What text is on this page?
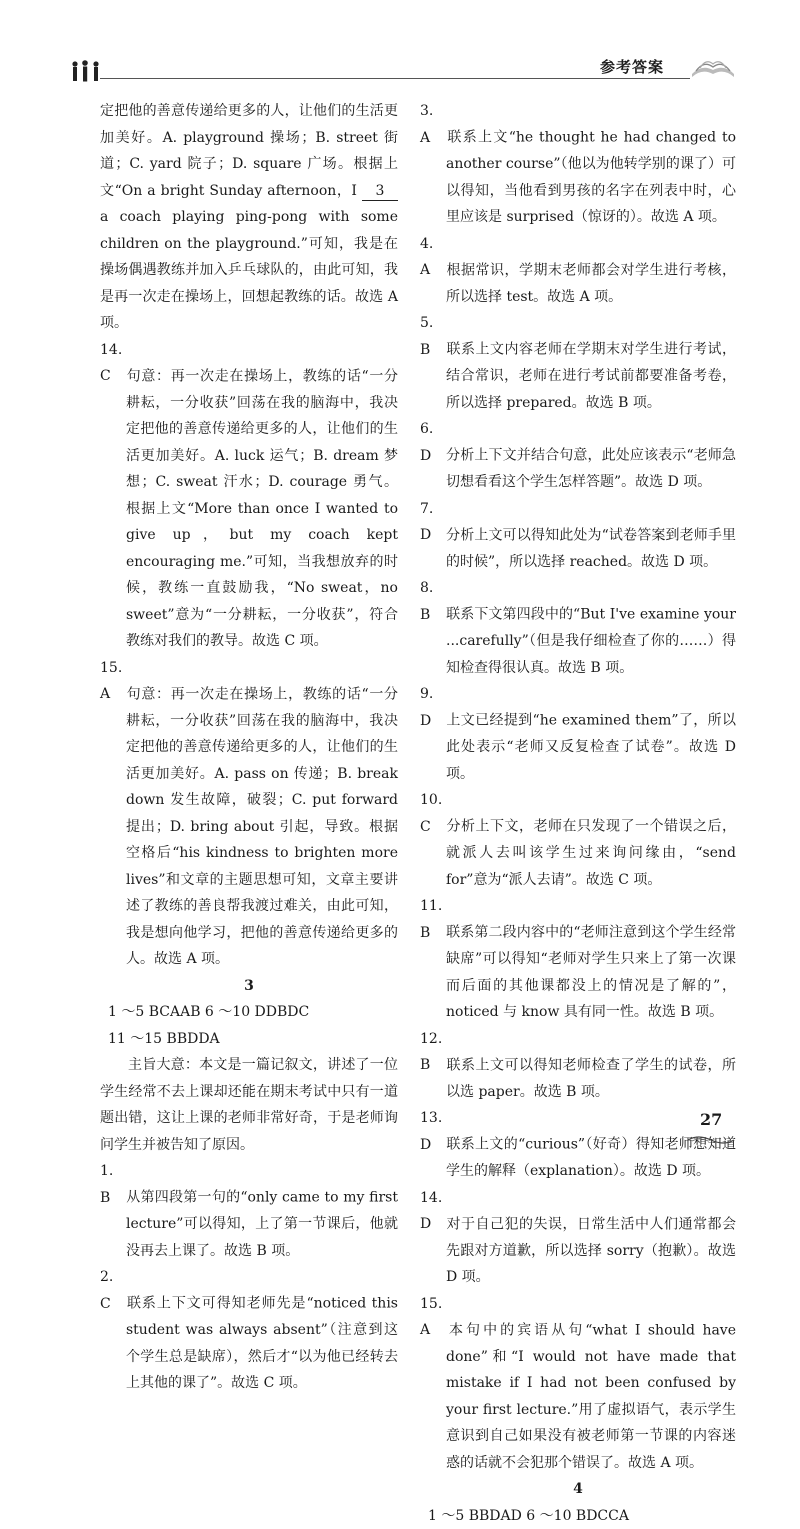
参考答案

定把他的善意传递给更多的人，让他们的生活更加美好。A. playground 操场；B. street 街道；C. yard 院子；D. square 广场。根据上文“On a bright Sunday afternoon，I 3 a coach playing ping-pong with some children on the playground.”可知，我是在操场偶遇教练并加入乒乓球队的，由此可知，我是再一次走在操场上，回想起教练的话。故选 A 项。

14. C 句意：再一次走在操场上，教练的话“一分耕耘，一分收获”回荡在我的脑海中，我决定把他的善意传递给更多的人，让他们的生活更加美好。A. luck 运气；B. dream 梦想；C. sweat 汗水；D. courage 勇气。根据上文“More than once I wanted to give up，but my coach kept encouraging me.”可知，当我想放弃的时候，教练一直鼓励我，“No sweat，no sweet”意为“一分耕耘，一分收获”，符合教练对我们的教导。故选 C 项。

15. A 句意：再一次走在操场上，教练的话“一分耕耘，一分收获”回荡在我的脑海中，我决定把他的善意传递给更多的人，让他们的生活更加美好。A. pass on 传递；B. break down 发生故障，破裂；C. put forward 提出；D. bring about 引起，导致。根据空格后“his kindness to brighten more lives”和文章的主题思想可知，文章主要讲述了教练的善良帮我渡过难关，由此可知，我是想向他学习，把他的善意传递给更多的人。故选 A 项。

3

1 ～5 BCAAB 6 ～10 DDBDC

11 ～15 BBDDA

主旨大意：本文是一篇记叙文，讲述了一位学生经常不去上课却还能在期末考试中只有一道题出错，这让上课的老师非常好奇，于是老师询问学生并被告知了原因。

1. B 从第四段第一句的“only came to my first lecture”可以得知，上了第一节课后，他就没再去上课了。故选 B 项。

2. C 联系上下文可得知老师先是“noticed this student was always absent”（注意到这个学生总是缺席），然后才“以为他已经转去上其他的课了”。故选 C 项。

3. A 联系上文“he thought he had changed to another course”（他以为他转学别的课了）可以得知，当他看到男孩的名字在列表中时，心里应该是 surprised（惊讶的）。故选 A 项。

4. A 根据常识，学期末老师都会对学生进行考核，所以选择 test。故选 A 项。

5. B 联系上文内容老师在学期末对学生进行考试，结合常识，老师在进行考试前都要准备考卷，所以选择 prepared。故选 B 项。

6. D 分析上下文并结合句意，此处应该表示“老师急切想看看这个学生怎样答题”。故选 D 项。

7. D 分析上文可以得知此处为“试卷答案到老师手里的时候”，所以选择 reached。故选 D 项。

8. B 联系下文第四段中的“But I've examine your ...carefully”（但是我仔细检查了你的……）得知检查得很认真。故选 B 项。

9. D 上文已经提到“he examined them”了，所以此处表示“老师又反复检查了试卷”。故选 D 项。

10. C 分析上下文，老师在只发现了一个错误之后，就派人去叫该学生过来询问缘由，“send for”意为“派人去请”。故选 C 项。

11. B 联系第二段内容中的“老师注意到这个学生经常缺席”可以得知“老师对学生只来上了第一次课而后面的其他课都没上的情况是了解的”，noticed 与 know 具有同一性。故选 B 项。

12. B 联系上文可以得知老师检查了学生的试卷，所以选 paper。故选 B 项。

13. D 联系上文的“curious”（好奇）得知老师想知道学生的解释（explanation）。故选 D 项。

14. D 对于自己犯的失误，日常生活中人们通常都会先跟对方道歉，所以选择 sorry（抱歉）。故选 D 项。

15. A 本句中的宾语从句“what I should have done”和“I would not have made that mistake if I had not been confused by your first lecture.”用了虚拟语气，表示学生意识到自己如果没有被老师第一节课的内容迷惑的话就不会犯那个错误了。故选 A 项。

4

1 ～5 BBDAD 6 ～10 BDCCA

27
